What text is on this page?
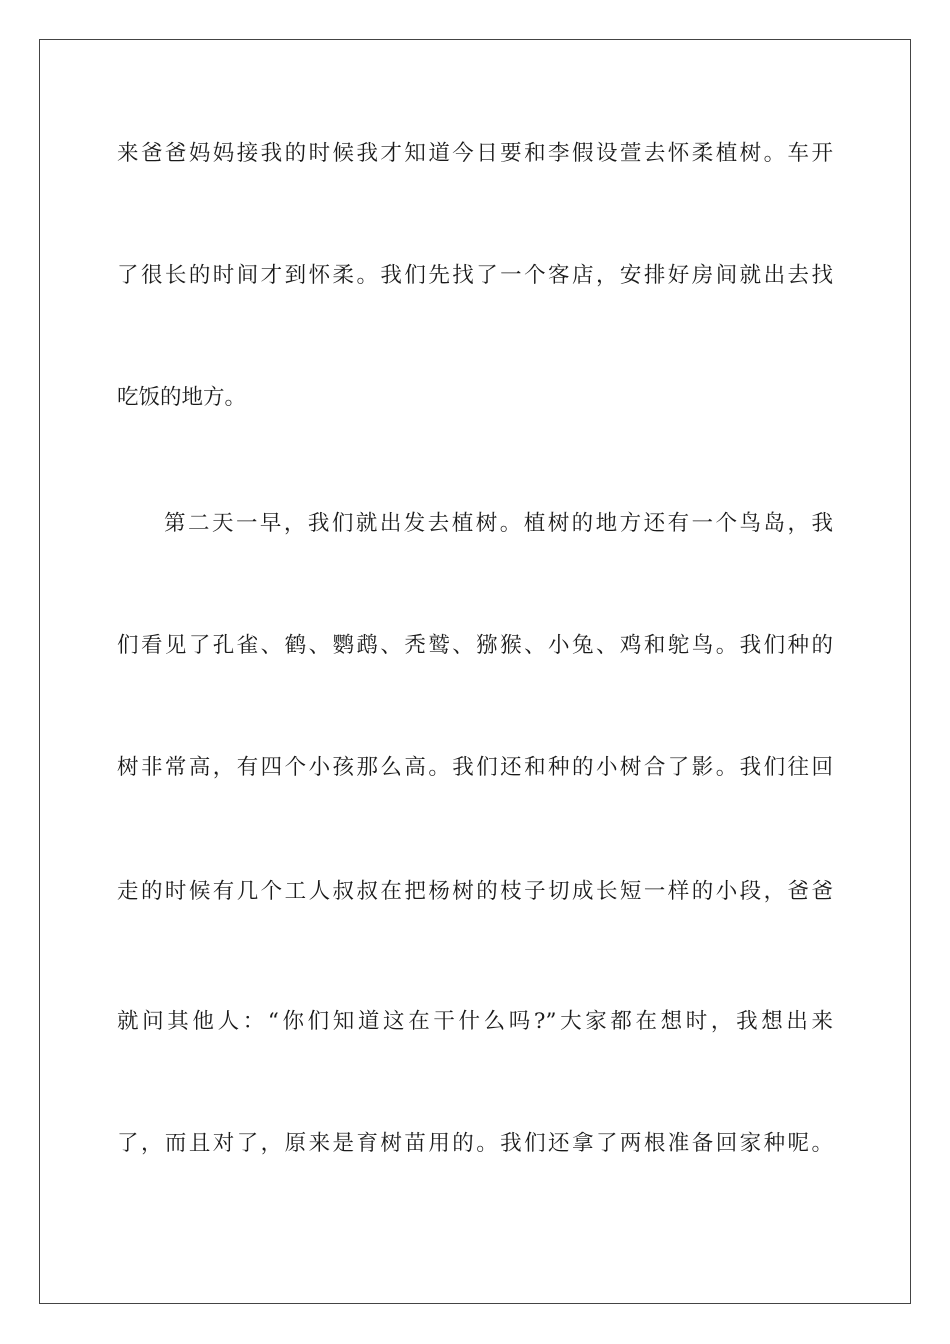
来爸爸妈妈接我的时候我才知道今日要和李假设萱去怀柔植树。车开
了很长的时间才到怀柔。我们先找了一个客店，安排好房间就出去找
吃饭的地方。
第二天一早，我们就出发去植树。植树的地方还有一个鸟岛，我
们看见了孔雀、鹤、鹦鹉、秃鹫、猕猴、小兔、鸡和鸵鸟。我们种的
树非常高，有四个小孩那么高。我们还和种的小树合了影。我们往回
走的时候有几个工人叔叔在把杨树的枝子切成长短一样的小段，爸爸
就问其他人：“你们知道这在干什么吗?”大家都在想时，我想出来
了，而且对了，原来是育树苗用的。我们还拿了两根准备回家种呢。
